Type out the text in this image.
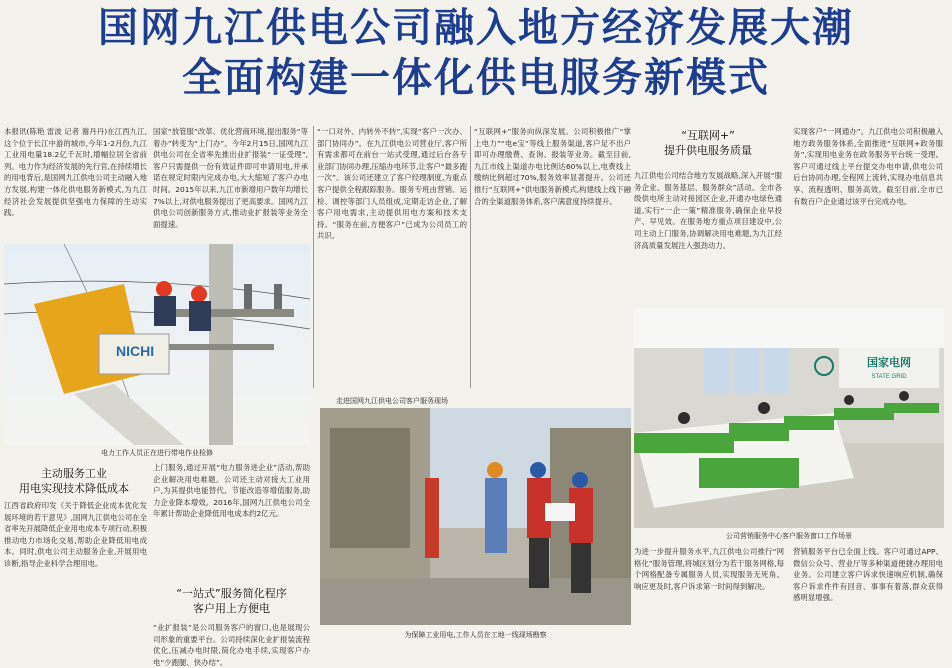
国网九江供电公司融入地方经济发展大潮
全面构建一体化供电服务新模式
本报讯(陈艳 雷波 记者 谢丹丹)在江西九江,这个位于长江中游的城市,今年1-2月份,九江工业用电量18.2亿千瓦时,增幅位居全省前列。电力作为经济发展的先行官,在持续增长的用电背后,是国网九江供电公司主动融入地方发展,构建一体化供电服务新模式,为九江经济社会发展提供坚强电力保障的生动实践。
国家“放管服”改革、优化营商环境,提出服务“等着办”转变为“上门办”。今年2月15日,国网九江供电公司在全省率先推出业扩报装“一证受理”,客户只需提供一份有效证件即可申请用电,并承诺在规定时限内完成办电,大大缩短了客户办电时间。2015年以来,九江市新增用户数年均增长7%以上,对供电服务提出了更高要求。国网九江供电公司创新服务方式,推动业扩报装等业务全面提速。
“一口对外、内转外不转”,实现“客户一次办、部门协同办”。在九江供电公司营业厅,客户所有需求都可在前台一站式受理,通过后台各专业部门协同办理,压缩办电环节,让客户“最多跑一次”。该公司还建立了客户经理制度,为重点客户提供全程跟踪服务。服务专班由营销、运检、调控等部门人员组成,定期走访企业,了解客户用电需求,主动提供用电方案和技术支持。“服务在前,方便客户”已成为公司员工的共识。
“互联网+”服务向纵深发展。公司积极推广“掌上电力”“电e宝”等线上服务渠道,客户足不出户即可办理缴费、查询、报装等业务。截至目前,九江市线上渠道办电比例达60%以上,电费线上缴纳比例超过70%,服务效率显著提升。公司还推行“互联网+”供电服务新模式,构建线上线下融合的全渠道服务体系,客户满意度持续提升。
九江供电公司结合地方发展战略,深入开展“服务企业、服务基层、服务群众”活动。全市各级供电所主动对接园区企业,开通办电绿色通道,实行“一企一策”精准服务,确保企业早投产、早见效。在服务地方重点项目建设中,公司主动上门服务,协调解决用电难题,为九江经济高质量发展注入强劲动力。
实现客户“一网通办”。九江供电公司积极融入地方政务服务体系,全面推进“互联网+政务服务”,实现用电业务在政务服务平台统一受理。客户可通过线上平台提交办电申请,供电公司后台协同办理,全程网上流转,实现办电信息共享、流程透明、服务高效。截至目前,全市已有数百户企业通过该平台完成办电。
“互联网+”
提升供电服务质量
NICHI
电力工作人员正在进行带电作业检修
主动服务工业
用电实现技术降低成本
江西省政府印发《关于降低企业成本优化发展环境的若干意见》,国网九江供电公司在全省率先开展降低企业用电成本专项行动,积极推动电力市场化交易,帮助企业降低用电成本。同时,供电公司主动服务企业,开展用电诊断,指导企业科学合理用电。
上门服务,通过开展“电力服务进企业”活动,帮助企业解决用电难题。公司还主动对接大工业用户,为其提供电能替代、节能改造等增值服务,助力企业降本增效。2016年,国网九江供电公司全年累计帮助企业降低用电成本约2亿元。
“一站式”服务简化程序
客户用上方便电
“业扩报装”是公司服务客户的窗口,也是展现公司形象的重要平台。公司持续深化业扩报装流程优化,压减办电时限,简化办电手续,实现客户办电“少跑腿、快办结”。
走进国网九江供电公司客户服务现场
为保障工业用电,工作人员在工地一线现场勘察
国家电网
STATE GRID
公司营销服务中心客户服务窗口工作场景
为进一步提升服务水平,九江供电公司推行“网格化”服务管理,将城区划分为若干服务网格,每个网格配备专属服务人员,实现服务无死角、响应更及时,客户诉求第一时间得到解决。
营销服务平台已全面上线。客户可通过APP、微信公众号、营业厅等多种渠道便捷办理用电业务。公司建立客户诉求快速响应机制,确保客户诉求件件有回音、事事有着落,群众获得感明显增强。
